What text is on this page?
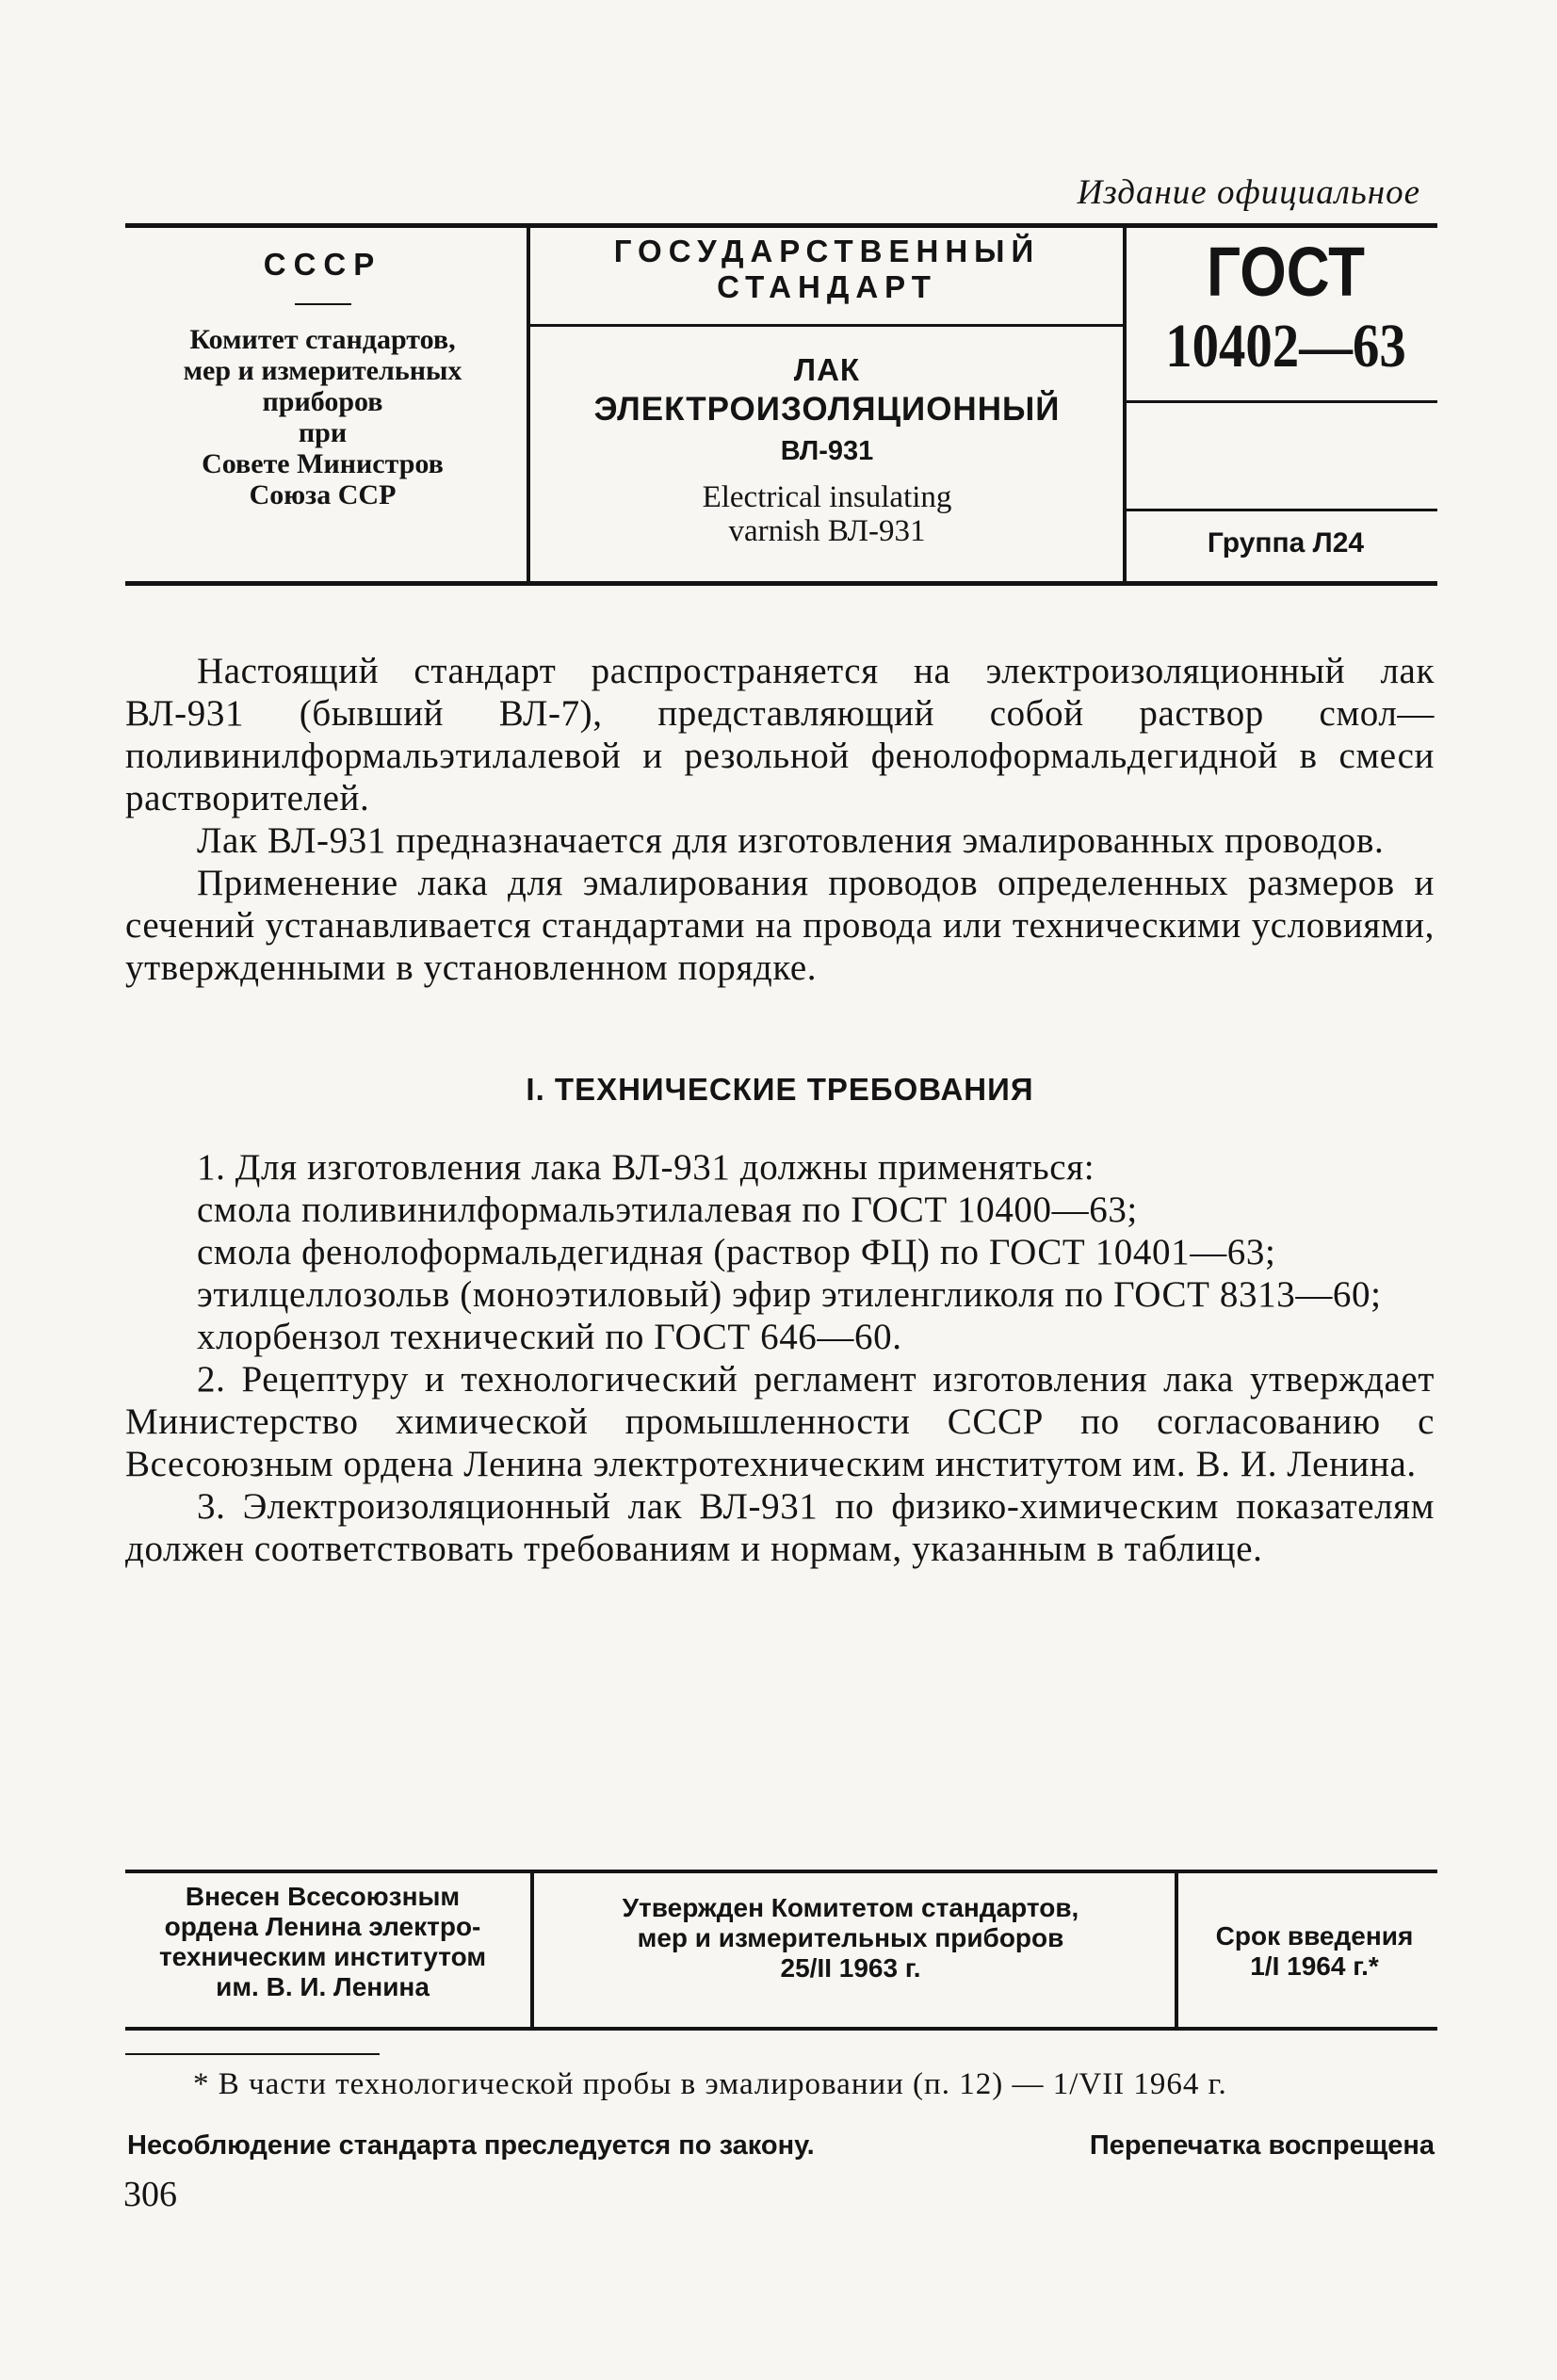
Издание официальное
СССР
Комитет стандартов,
мер и измерительных
приборов
при
Совете Министров
Союза ССР
ГОСУДАРСТВЕННЫЙ
СТАНДАРТ
ЛАК
ЭЛЕКТРОИЗОЛЯЦИОННЫЙ
ВЛ-931
Electrical insulating
varnish ВЛ-931
ГОСТ
10402—63
Группа Л24

Настоящий стандарт распространяется на электроизоляционный лак ВЛ-931 (бывший ВЛ-7), представляющий собой раствор смол—поливинилформальэтилалевой и резольной фенолоформальдегидной в смеси растворителей.

Лак ВЛ-931 предназначается для изготовления эмалированных проводов.

Применение лака для эмалирования проводов определенных размеров и сечений устанавливается стандартами на провода или техническими условиями, утвержденными в установленном порядке.

I. ТЕХНИЧЕСКИЕ ТРЕБОВАНИЯ

1. Для изготовления лака ВЛ-931 должны применяться:

смола поливинилформальэтилалевая по ГОСТ 10400—63;

смола фенолоформальдегидная (раствор ФЦ) по ГОСТ 10401—63;

этилцеллозольв (моноэтиловый) эфир этиленгликоля по ГОСТ 8313—60;

хлорбензол технический по ГОСТ 646—60.

2. Рецептуру и технологический регламент изготовления лака утверждает Министерство химической промышленности СССР по согласованию с Всесоюзным ордена Ленина электротехническим институтом им. В. И. Ленина.

3. Электроизоляционный лак ВЛ-931 по физико-химическим показателям должен соответствовать требованиям и нормам, указанным в таблице.

Внесен Всесоюзным
ордена Ленина электро-
техническим институтом
им. В. И. Ленина
Утвержден Комитетом стандартов,
мер и измерительных приборов
25/II 1963 г.
Срок введения
1/I 1964 г.*
* В части технологической пробы в эмалировании (п. 12) — 1/VII 1964 г.
Несоблюдение стандарта преследуется по закону.	Перепечатка воспрещена
306
